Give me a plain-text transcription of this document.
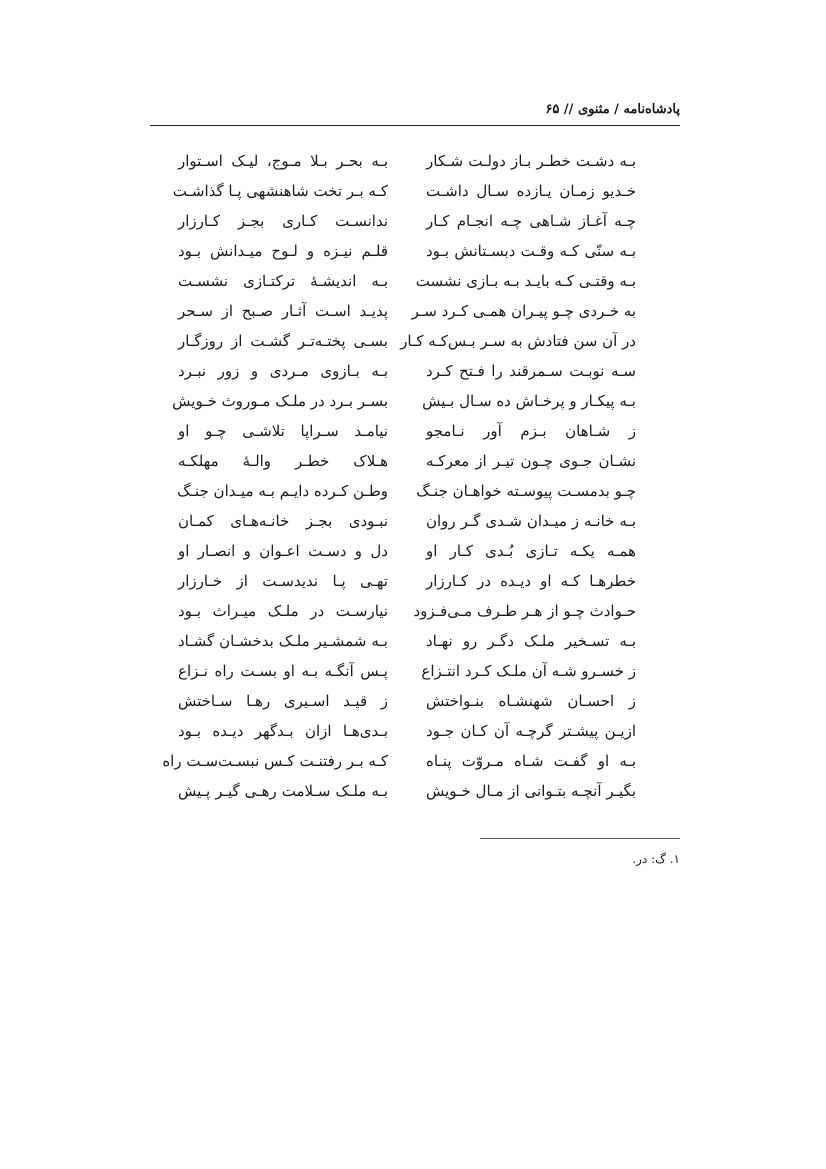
پادشاه‌نامه / مثنوی // ۶۵
بـه دشـت خطـر بـاز دولـت شـکار
بـه بحـر بـلا مـوج، لیـک اسـتوار
خـدیو زمـان یـازده سـال داشـت
کـه بـر تخت شاهنشهی پـا گذاشـت
چـه آغـاز شـاهی چـه انجـام کـار
ندانسـت کـاری بجـز کـارزار
بـه سنّی کـه وقـت دبسـتانش بـود
قلـم نیـزه و لـوح میـدانش بـود
بـه وقتـی کـه بایـد بـه بـازی نشست
بـه اندیشـۀ ترکتـازی نشسـت
به خـردی چـو پیـران همـی کـرد سـر
پدیـد اسـت آثـار صـبح از سـحر
در آن سن فتادش به سـر بـس‌کـه کـار
بسـی پختـه‌تـر گشـت از روزگـار
سـه نوبـت سـمرقند را فـتح کـرد
بـه بـازوی مـردی و زور نبـرد
بـه پیکـار و پرخـاش ده سـال بـیش
بسـر بـرد در ملـک مـوروث خـویش
ز شـاهان بـزم آور نـامجو
نیامـد سـراپا تلاشـی چـو او
نشـان جـوی چـون تیـر از معرکـه
هـلاک خطـر والـۀ مهلکـه
چـو بدمسـت پیوسـته خواهـان جنـگ
وطـن کـرده دایـم بـه میـدان جنـگ
بـه خانـه ز میـدان شـدی گـر روان
نبـودی بجـز خانـه‌هـای کمـان
همـه یکـه تـازی بُـدی کـار او
دل و دسـت اعـوان و انصـار او
خطرهـا کـه او دیـده در کـارزار
تهـی پـا ندیدسـت از خـارزار
حـوادث چـو از هـر طـرف مـی‌فـزود
نیارسـت در ملـک میـراث بـود
بـه تسـخیر ملـک دگـر رو نهـاد
بـه شمشـیر ملـک بدخشـان گشـاد
ز خسـرو شـه آن ملـک کـرد انتـزاع
پـس آنگـه بـه او بسـت راه نـزاع
ز احسـان شهنشـاه بنـواختش
ز قیـد اسـیری رهـا سـاختش
ازیـن پیشـتر گرچـه آن کـان جـود
بـدی‌هـا ازان بـدگهر دیـده بـود
بـه او گفـت شـاه مـروّت پنـاه
کـه بـر رفتنـت کـس نبسـت‌سـت راه
بگیـر آنچـه بتـوانی از مـال خـویش
بـه ملـک سـلامت رهـی گیـر پـیش
۱. گ: در.
